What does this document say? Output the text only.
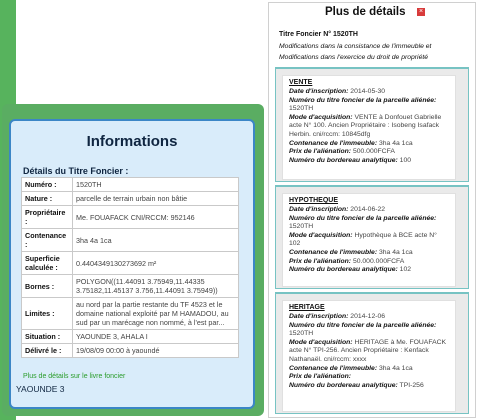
Informations
Détails du Titre Foncier :
Numéro :	1520TH
Nature :	parcelle de terrain urbain non bâtie
Propriétaire :	Me. FOUAFACK CNI/RCCM: 952146
Contenance :	3ha 4a 1ca
Superficie calculée :	0.4404349130273692 m²
Bornes :	POLYGON((11.44091 3.75949,11.44335 3.75182,11.45137 3.756,11.44091 3.75949))
Limites :	au nord par la partie restante du TF 4523 et le domaine national exploité par M HAMADOU, au sud par un marécage non nommé, à l'est par...
Situation :	YAOUNDE 3, AHALA I
Délivré le :	19/08/09 00:00 à yaoundé
Plus de détails sur le livre foncier
YAOUNDE 3
Plus de détails ×
Titre Foncier N° 1520TH
Modifications dans la consistance de l'immeuble et Modifications dans l'exercice du droit de propriété
VENTE
Date d'inscription: 2014-05-30
Numéro du titre foncier de la parcelle aliénée: 1520TH
Mode d'acquisition: VENTE à Donfouet Gabrielle acte N° 100. Ancien Propriétaire : Isobeng Isafack Herbin. cni/rccm: 10845dfg
Contenance de l'immeuble: 3ha 4a 1ca
Prix de l'aliénation: 500.000FCFA
Numéro du bordereau analytique: 100
HYPOTHEQUE
Date d'inscription: 2014-06-22
Numéro du titre foncier de la parcelle aliénée: 1520TH
Mode d'acquisition: Hypothèque à BCE acte N° 102
Contenance de l'immeuble: 3ha 4a 1ca
Prix de l'aliénation: 50.000.000FCFA
Numéro du bordereau analytique: 102
HERITAGE
Date d'inscription: 2014-12-06
Numéro du titre foncier de la parcelle aliénée: 1520TH
Mode d'acquisition: HERITAGE à Me. FOUAFACK acte N° TPI-256. Ancien Propriétaire : Kenfack Nathanaël. cni/rccm: xxxx
Contenance de l'immeuble: 3ha 4a 1ca
Prix de l'aliénation:
Numéro du bordereau analytique: TPI-256
